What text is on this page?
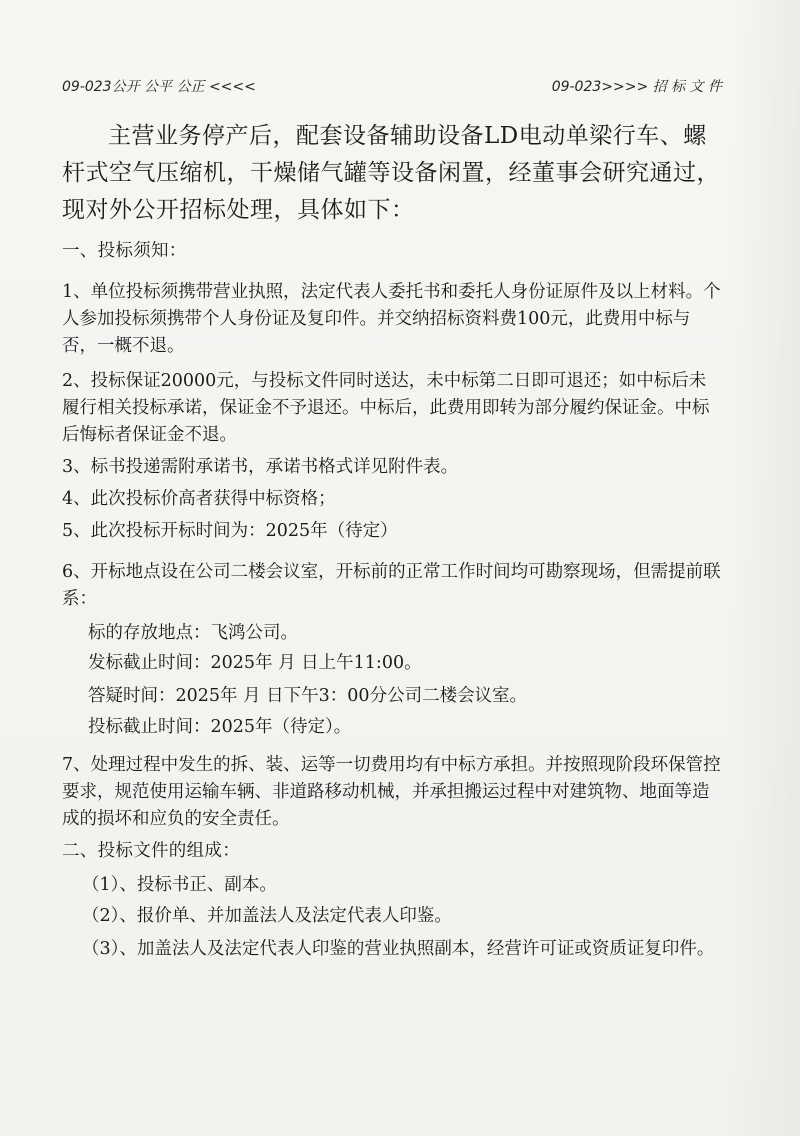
09-023公开 公平 公正 <<<<	09-023>>>> 招 标 文 件

主营业务停产后，配套设备辅助设备LD电动单梁行车、螺杆式空气压缩机，干燥储气罐等设备闲置，经董事会研究通过，现对外公开招标处理，具体如下：

一、投标须知：

1、单位投标须携带营业执照，法定代表人委托书和委托人身份证原件及以上材料。个人参加投标须携带个人身份证及复印件。并交纳招标资料费100元，此费用中标与否，一概不退。

2、投标保证20000元，与投标文件同时送达，未中标第二日即可退还；如中标后未履行相关投标承诺，保证金不予退还。中标后，此费用即转为部分履约保证金。中标后悔标者保证金不退。

3、标书投递需附承诺书，承诺书格式详见附件表。

4、此次投标价高者获得中标资格；

5、此次投标开标时间为：2025年（待定）

6、开标地点设在公司二楼会议室，开标前的正常工作时间均可勘察现场，但需提前联系：

标的存放地点：飞鸿公司。

发标截止时间：2025年 月 日上午11:00。

答疑时间：2025年 月 日下午3：00分公司二楼会议室。

投标截止时间：2025年（待定）。

7、处理过程中发生的拆、装、运等一切费用均有中标方承担。并按照现阶段环保管控要求，规范使用运输车辆、非道路移动机械，并承担搬运过程中对建筑物、地面等造成的损坏和应负的安全责任。

二、投标文件的组成：

（1）、投标书正、副本。

（2）、报价单、并加盖法人及法定代表人印鉴。

（3）、加盖法人及法定代表人印鉴的营业执照副本，经营许可证或资质证复印件。
